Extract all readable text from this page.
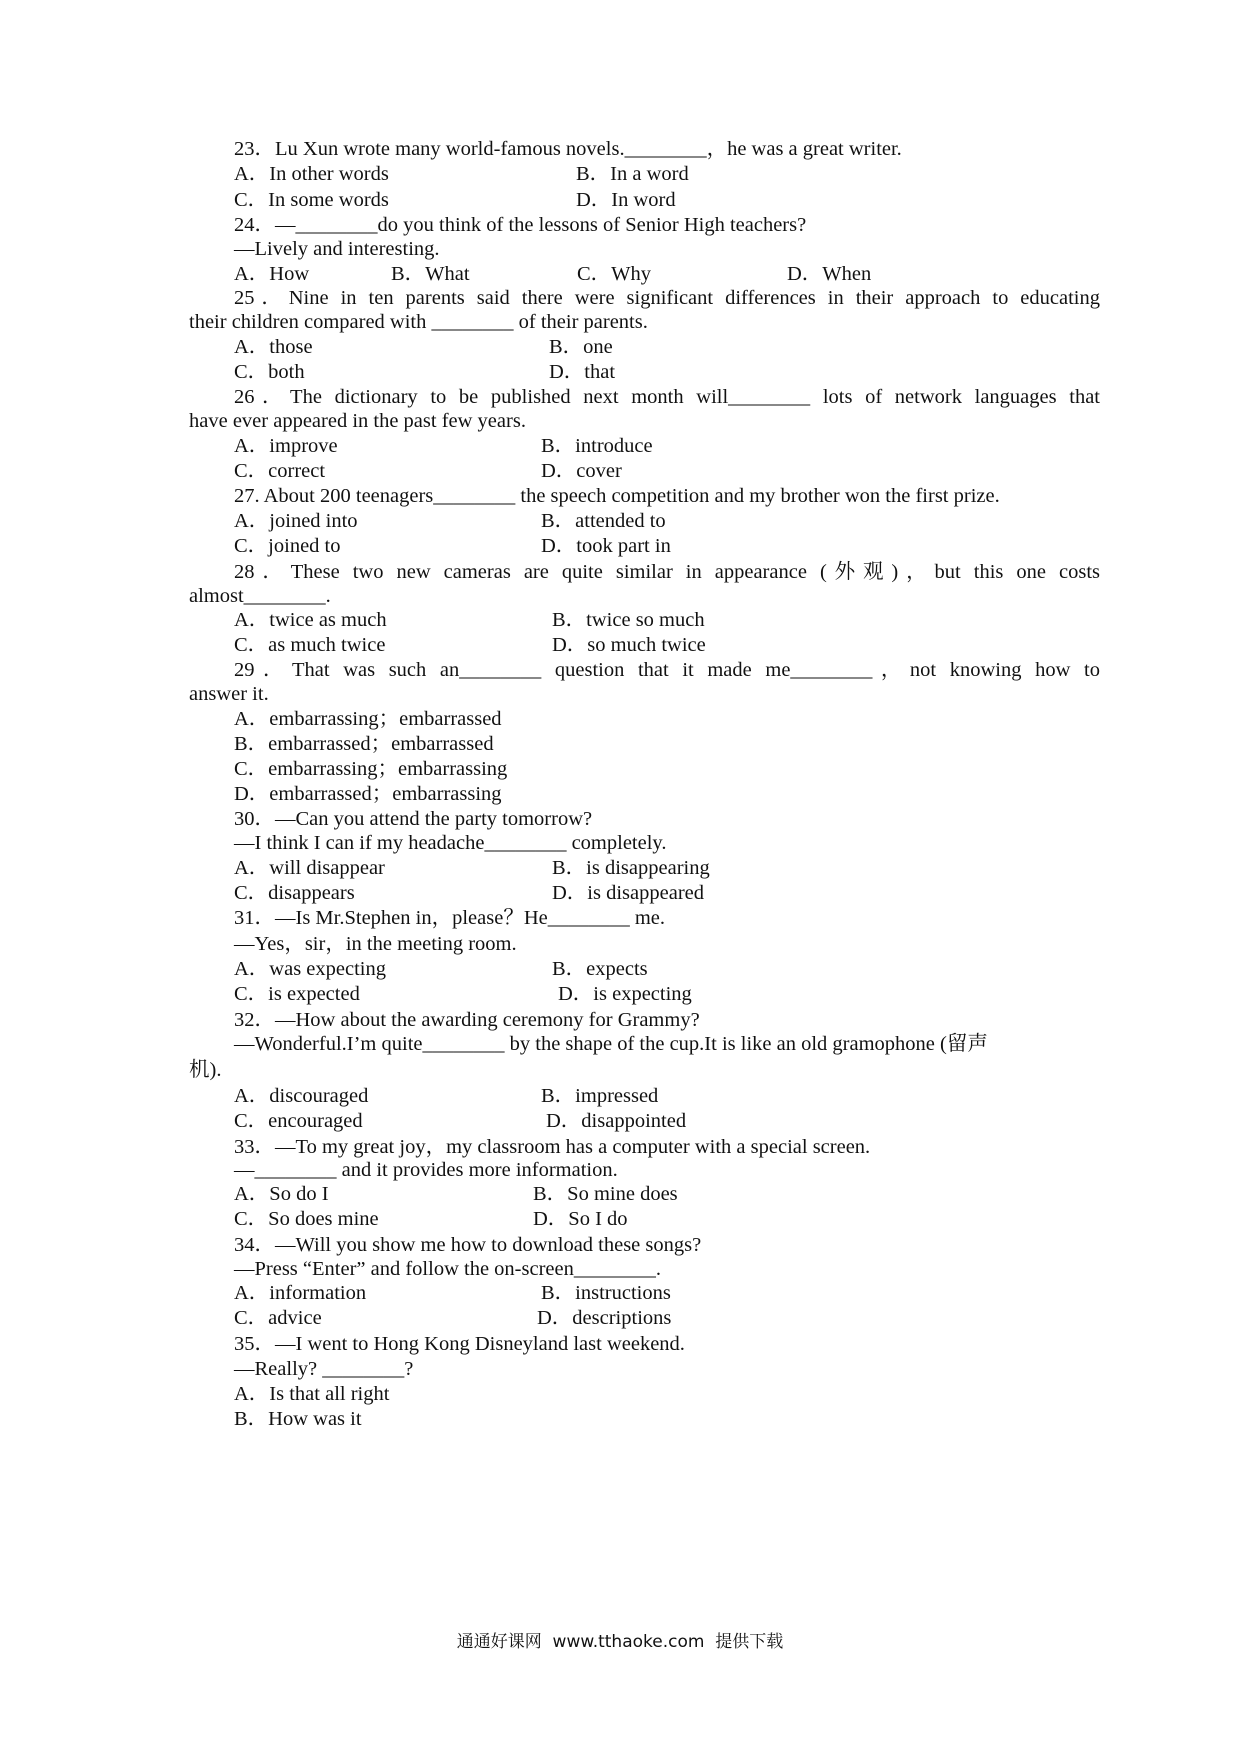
23．Lu Xun wrote many world-famous novels.________，he was a great writer.
A．In other words	B．In a word
C．In some words	D．In word
24．—________do you think of the lessons of Senior High teachers?
—Lively and interesting.
A．How	B．What	C．Why	D．When
25．Nine in ten parents said there were significant differences in their approach to educating
their children compared with ________ of their parents.
A．those	B．one
C．both	D．that
26．The dictionary to be published next month will________ lots of network languages that
have ever appeared in the past few years.
A．improve	B．introduce
C．correct	D．cover
27. About 200 teenagers________ the speech competition and my brother won the first prize.
A．joined into	B．attended to
C．joined to	D．took part in
28．These two new cameras are quite similar in appearance (外观)，but this one costs
almost________.
A．twice as much	B．twice so much
C．as much twice	D．so much twice
29．That was such an________ question that it made me________，not knowing how to
answer it.
A．embarrassing；embarrassed
B．embarrassed；embarrassed
C．embarrassing；embarrassing
D．embarrassed；embarrassing
30．—Can you attend the party tomorrow?
—I think I can if my headache________ completely.
A．will disappear	B．is disappearing
C．disappears	D．is disappeared
31．—Is Mr.Stephen in，please？He________ me.
—Yes，sir，in the meeting room.
A．was expecting	B．expects
C．is expected	D．is expecting
32．—How about the awarding ceremony for Grammy?
—Wonderful.I’m quite________ by the shape of the cup.It is like an old gramophone (留声
机).
A．discouraged	B．impressed
C．encouraged	D．disappointed
33．—To my great joy，my classroom has a computer with a special screen.
—________ and it provides more information.
A．So do I	B．So mine does
C．So does mine	D．So I do
34．—Will you show me how to download these songs?
—Press “Enter” and follow the on-screen________.
A．information	B．instructions
C．advice	D．descriptions
35．—I went to Hong Kong Disneyland last weekend.
—Really? ________?
A．Is that all right
B．How was it
通通好课网  www.tthaoke.com  提供下载
